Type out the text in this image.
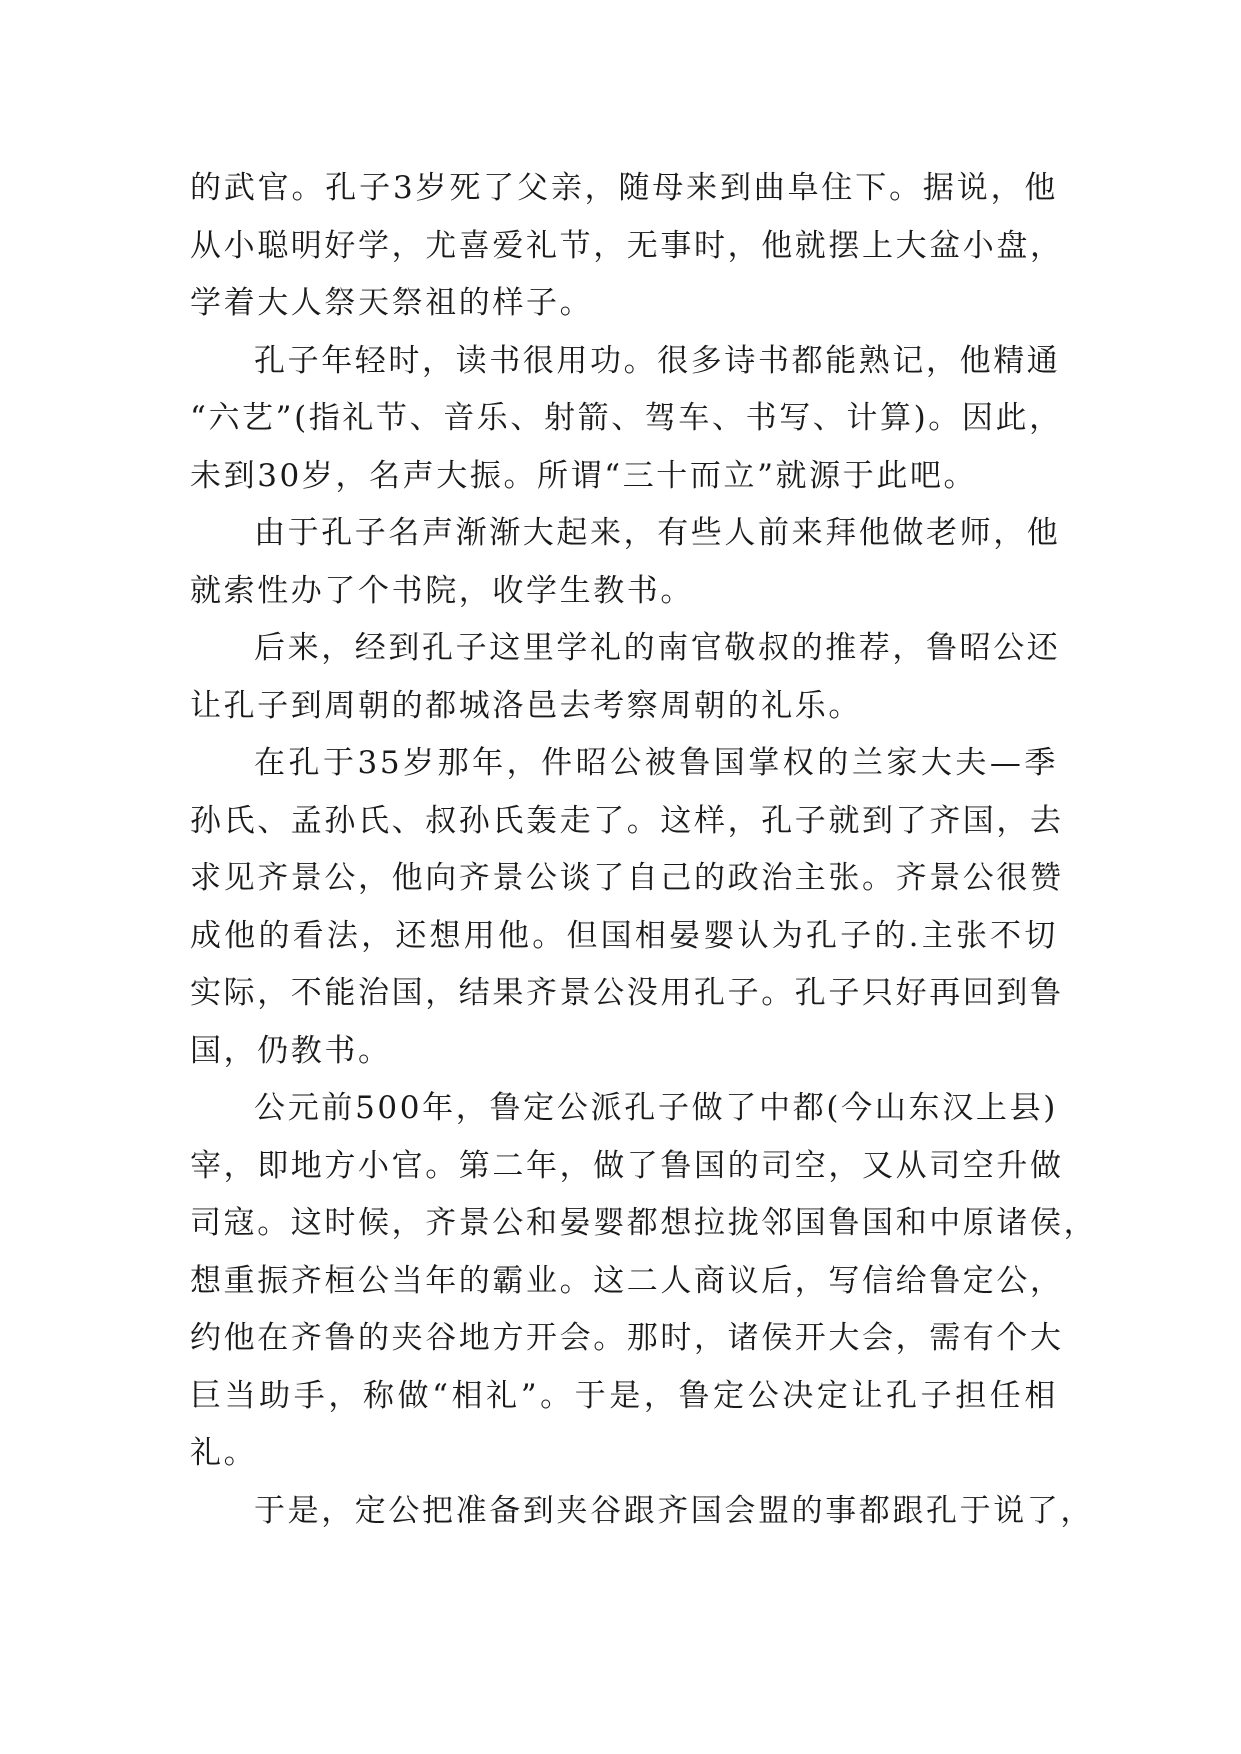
的武官。孔子3岁死了父亲，随母来到曲阜住下。据说，他
从小聪明好学，尤喜爱礼节，无事时，他就摆上大盆小盘，
学着大人祭天祭祖的样子。
孔子年轻时，读书很用功。很多诗书都能熟记，他精通
“六艺”(指礼节、音乐、射箭、驾车、书写、计算)。因此，
未到30岁，名声大振。所谓“三十而立”就源于此吧。
由于孔子名声渐渐大起来，有些人前来拜他做老师，他
就索性办了个书院，收学生教书。
后来，经到孔子这里学礼的南官敬叔的推荐，鲁昭公还
让孔子到周朝的都城洛邑去考察周朝的礼乐。
在孔于35岁那年，件昭公被鲁国掌权的兰家大夫—季
孙氏、孟孙氏、叔孙氏轰走了。这样，孔子就到了齐国，去
求见齐景公，他向齐景公谈了自己的政治主张。齐景公很赞
成他的看法，还想用他。但国相晏婴认为孔子的.主张不切
实际，不能治国，结果齐景公没用孔子。孔子只好再回到鲁
国，仍教书。
公元前500年，鲁定公派孔子做了中都(今山东汉上县)
宰，即地方小官。第二年，做了鲁国的司空，又从司空升做
司寇。这时候，齐景公和晏婴都想拉拢邻国鲁国和中原诸侯，
想重振齐桓公当年的霸业。这二人商议后，写信给鲁定公，
约他在齐鲁的夹谷地方开会。那时，诸侯开大会，需有个大
巨当助手，称做“相礼”。于是，鲁定公决定让孔子担任相
礼。
于是，定公把准备到夹谷跟齐国会盟的事都跟孔于说了，
